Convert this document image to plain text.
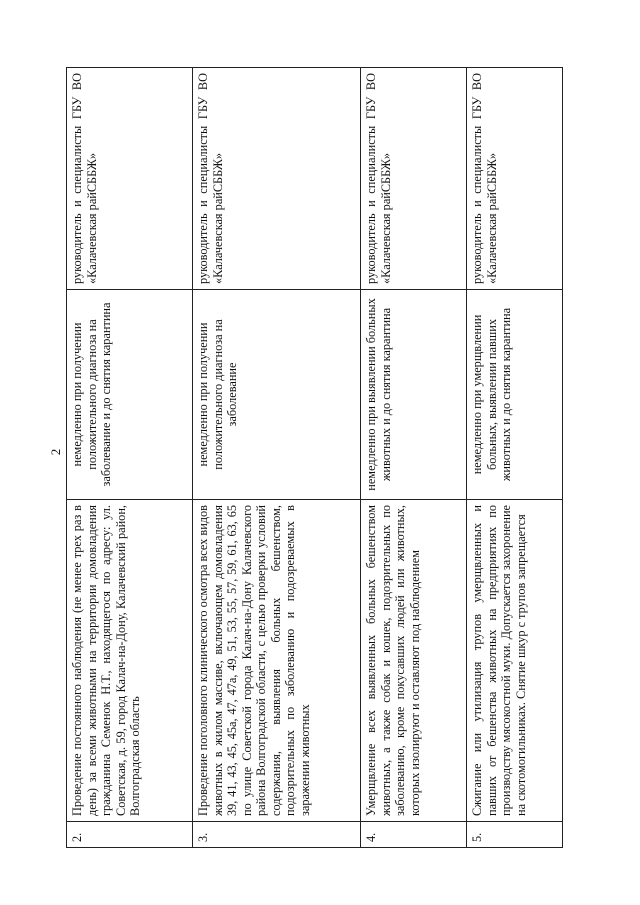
2
2.	Проведение постоянного наблюдения (не менее трех раз в день) за всеми животными на территории домовладения гражданина Семенок Н.Т., находящегося по адресу: ул. Советская, д. 59, город Калач-на-Дону, Калачевский район, Волгоградская область	немедленно при получении положительного диагноза на заболевание и до снятия карантина	руководитель и специалисты ГБУ ВО «Калачевская райСББЖ»
3.	Проведение поголовного клинического осмотра всех видов животных в жилом массиве, включающем домовладения 39, 41, 43, 45, 45а, 47, 47а, 49, 51, 53, 55, 57, 59, 61, 63, 65 по улице Советской города Калач-на-Дону Калачевского района Волгоградской области, с целью проверки условий содержания, выявления больных бешенством, подозрительных по заболеванию и подозреваемых в заражении животных	немедленно при получении положительного диагноза на заболевание	руководитель и специалисты ГБУ ВО «Калачевская райСББЖ»
4.	Умерщвление всех выявленных больных бешенством животных, а также собак и кошек, подозрительных по заболеванию, кроме покусавших людей или животных, которых изолируют и оставляют под наблюдением	немедленно при выявлении больных животных и до снятия карантина	руководитель и специалисты ГБУ ВО «Калачевская райСББЖ»
5.	Сжигание или утилизация трупов умерщвленных и павших от бешенства животных на предприятиях по производству мясокостной муки. Допускается захоронение на скотомогильниках. Снятие шкур с трупов запрещается	немедленно при умерщвлении больных, выявлении павших животных и до снятия карантина	руководитель и специалисты ГБУ ВО «Калачевская райСББЖ»
